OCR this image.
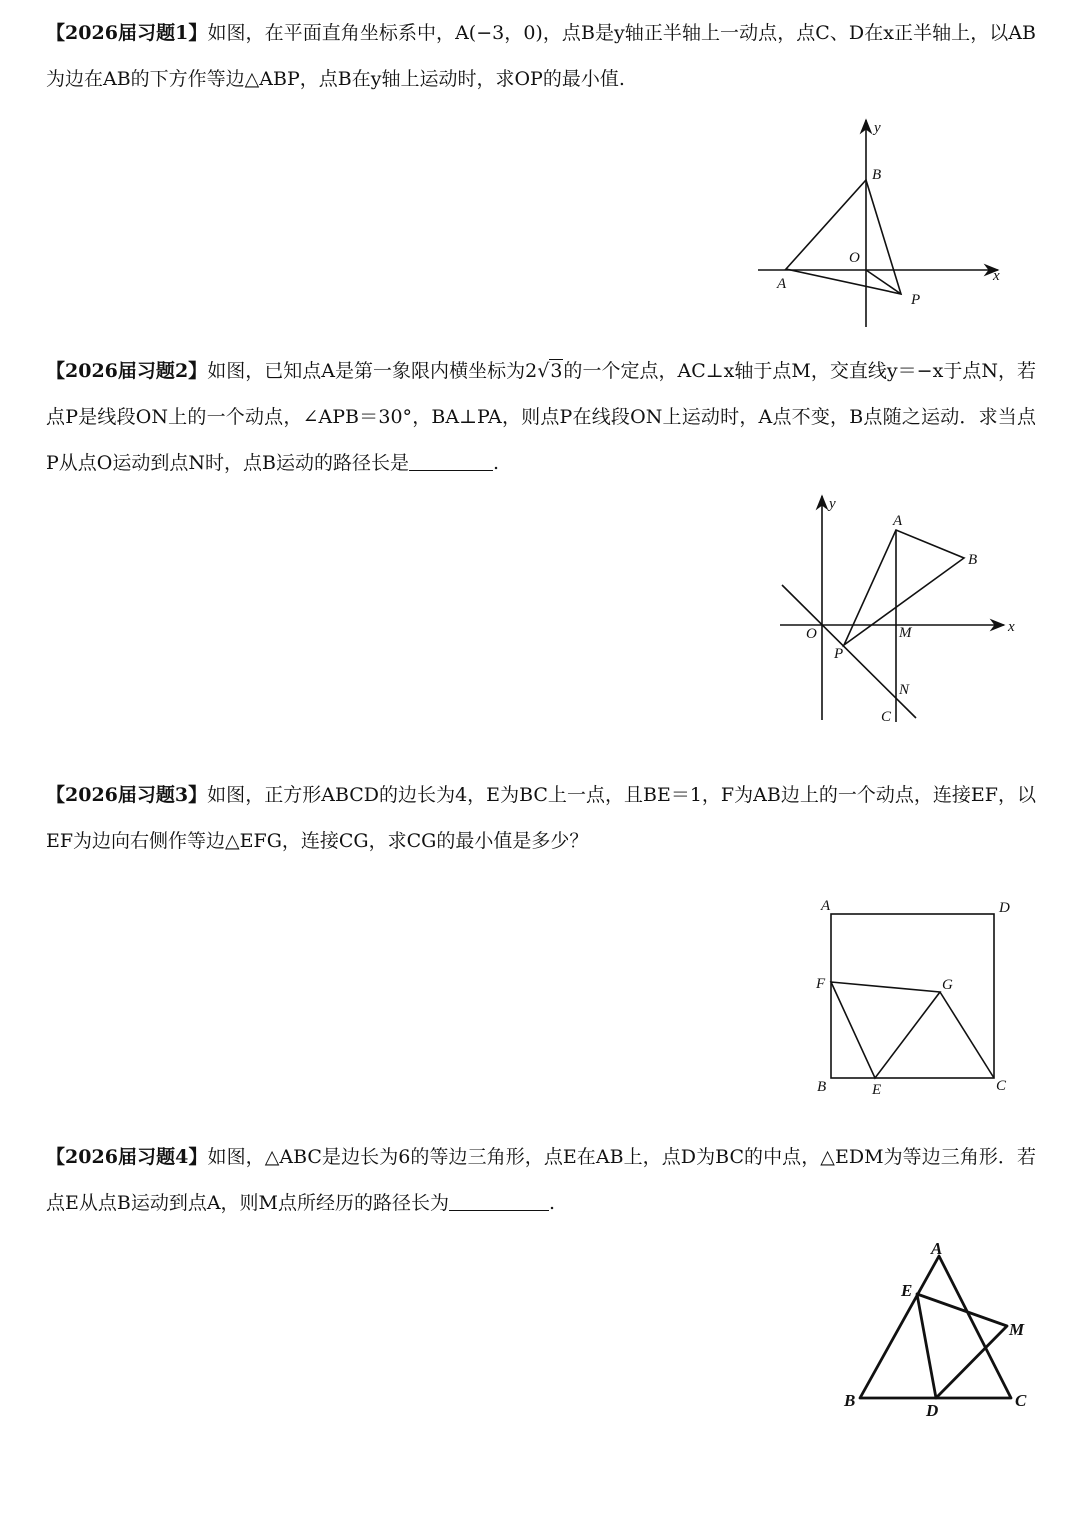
【2026届习题1】如图，在平面直角坐标系中，A(−3，0)，点B是y轴正半轴上一动点，点C、D在x正半轴上，以AB为边在AB的下方作等边△ABP，点B在y轴上运动时，求OP的最小值.

y
x
B
O
A
P

【2026届习题2】如图，已知点A是第一象限内横坐标为2√3的一个定点，AC⊥x轴于点M，交直线y＝−x于点N，若点P是线段ON上的一个动点，∠APB＝30°，BA⊥PA，则点P在线段ON上运动时，A点不变，B点随之运动．求当点P从点O运动到点N时，点B运动的路径长是	.

y
x
A
B
O	M
P
N
C

【2026届习题3】如图，正方形ABCD的边长为4，E为BC上一点，且BE＝1，F为AB边上的一个动点，连接EF，以EF为边向右侧作等边△EFG，连接CG，求CG的最小值是多少？

A	D
F	G
B	E	C

【2026届习题4】如图，△ABC是边长为6的等边三角形，点E在AB上，点D为BC的中点，△EDM为等边三角形．若点E从点B运动到点A，则M点所经历的路径长为	.

A
E
M
B
D
C
